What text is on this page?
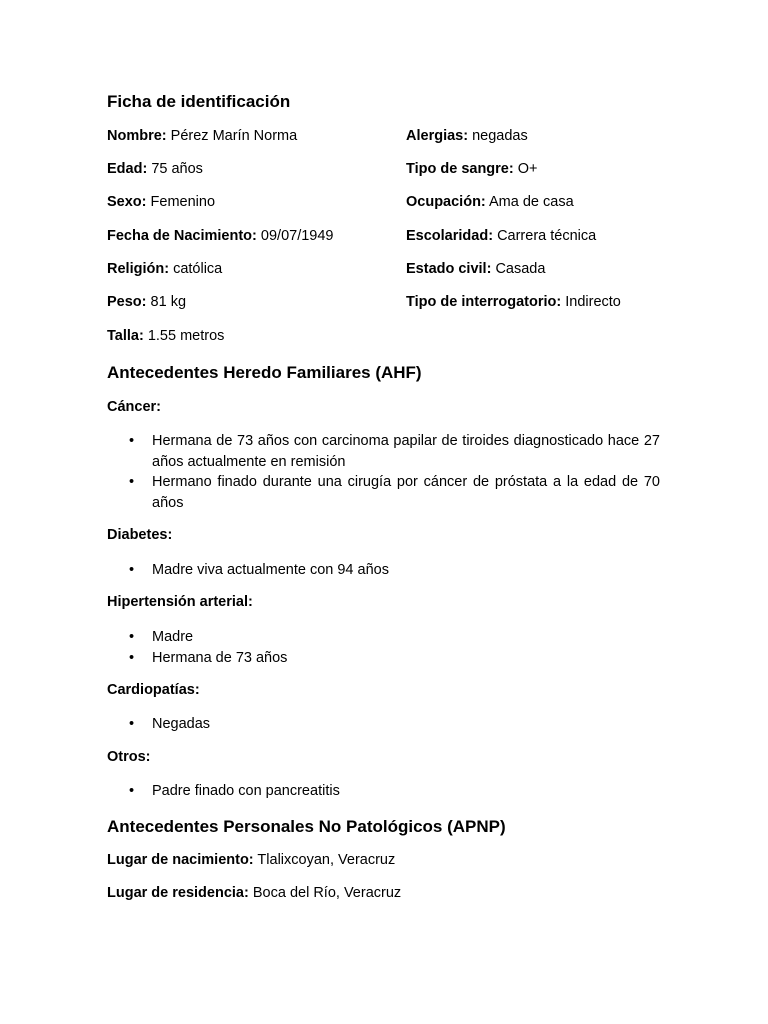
Ficha de identificación
Nombre: Pérez Marín Norma
Edad: 75 años
Sexo: Femenino
Fecha de Nacimiento: 09/07/1949
Religión: católica
Peso: 81 kg
Talla: 1.55 metros
Alergias: negadas
Tipo de sangre: O+
Ocupación: Ama de casa
Escolaridad: Carrera técnica
Estado civil: Casada
Tipo de interrogatorio: Indirecto
Antecedentes Heredo Familiares (AHF)
Cáncer:
• Hermana de 73 años con carcinoma papilar de tiroides diagnosticado hace 27 años actualmente en remisión
• Hermano finado durante una cirugía por cáncer de próstata a la edad de 70 años
Diabetes:
• Madre viva actualmente con 94 años
Hipertensión arterial:
• Madre
• Hermana de 73 años
Cardiopatías:
• Negadas
Otros:
• Padre finado con pancreatitis
Antecedentes Personales No Patológicos (APNP)
Lugar de nacimiento: Tlalixcoyan, Veracruz
Lugar de residencia: Boca del Río, Veracruz
